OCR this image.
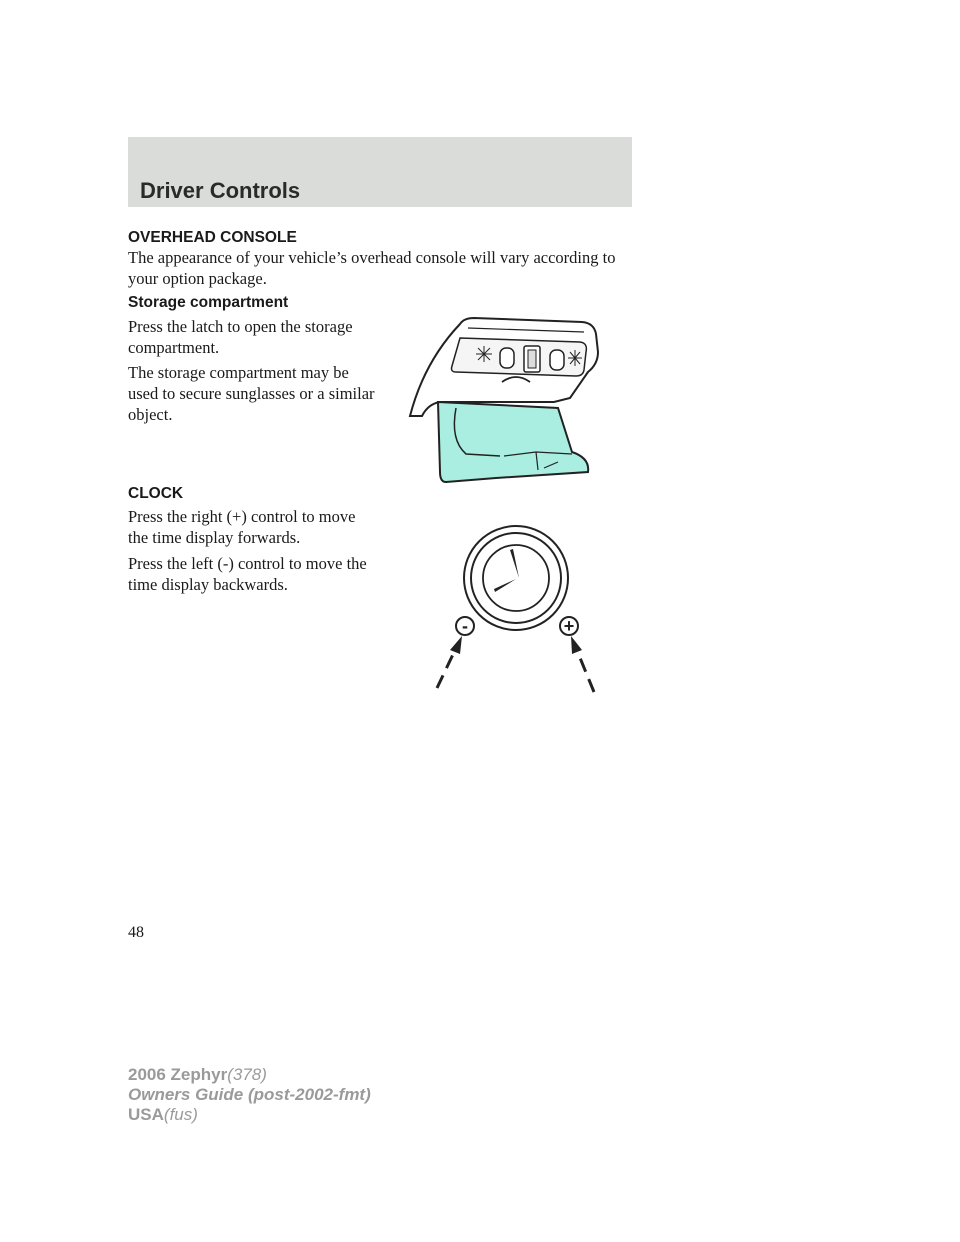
Driver Controls
OVERHEAD CONSOLE

The appearance of your vehicle’s overhead console will vary according to your option package.

Storage compartment

Press the latch to open the storage compartment.

The storage compartment may be used to secure sunglasses or a similar object.

CLOCK

Press the right (+) control to move the time display forwards.

Press the left (-) control to move the time display backwards.

-	+

48

2006 Zephyr(378)
Owners Guide (post-2002-fmt)
USA(fus)
